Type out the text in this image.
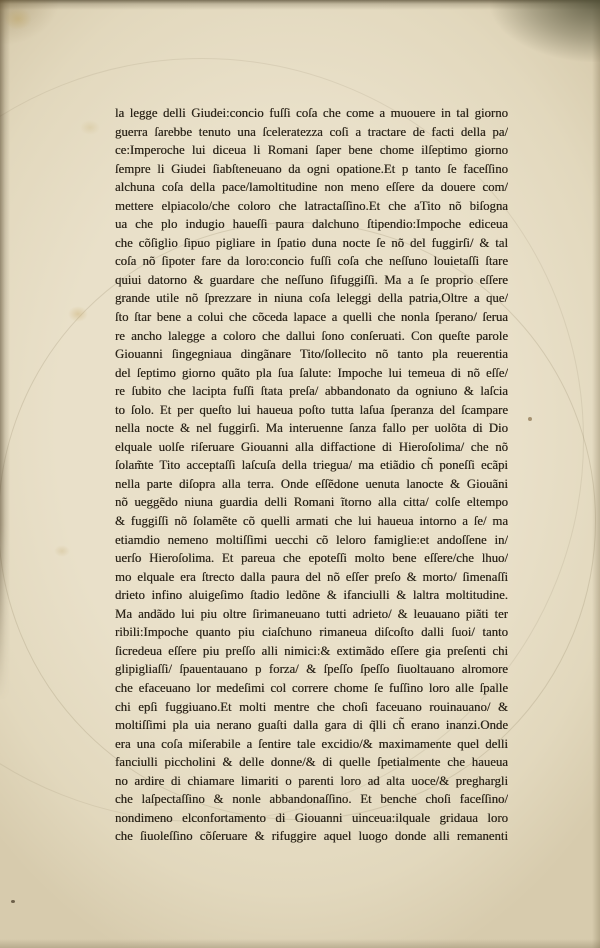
la legge delli Giudei:concio fuſſi coſa che come a muouere in tal giorno
guerra ſarebbe tenuto una ſceleratezza coſi a tractare de facti della pa/
ce:Imperoche lui diceua li Romani ſaper bene chome ilſeptimo giorno
ſempre li Giudei ſiabſteneuano da ogni opatione.Et p tanto ſe faceſſino
alchuna coſa della pace/lamoltitudine non meno eſſere da douere com/
mettere elpiacolo/che coloro che latractaſſino.Et che aTito nõ biſogna
ua che plo indugio haueſſi paura dalchuno ſtipendio:Impoche ediceua
che cõſiglio ſipuo pigliare in ſpatio duna nocte ſe nõ del fuggirſi/ & tal
coſa nõ ſipoter fare da loro:concio fuſſi coſa che neſſuno louietaſſi ſtare
quiui datorno & guardare che neſſuno ſifuggiſſi. Ma a ſe proprio eſſere
grande utile nõ ſprezzare in niuna coſa leleggi della patria,Oltre a que/
ſto ſtar bene a colui che cõceda lapace a quelli che nonla ſperano/ ſerua
re ancho lalegge a coloro che dallui ſono conſeruati. Con queſte parole
Giouanni ſingegniaua dingãnare Tito/ſollecito nõ tanto pla reuerentia
del ſeptimo giorno quãto pla ſua ſalute: Impoche lui temeua di nõ eſſe/
re ſubito che lacipta fuſſi ſtata preſa/ abbandonato da ogniuno & laſcia
to ſolo. Et per queſto lui haueua poſto tutta laſua ſperanza del ſcampare
nella nocte & nel fuggirſi. Ma interuenne ſanza fallo per uolõta di Dio
elquale uolſe riſeruare Giouanni alla diffactione di Hieroſolima/ che nõ
ſolam̃te Tito acceptaſſi laſcuſa della triegua/ ma etiãdio ch̃ poneſſi ecãpi
nella parte diſopra alla terra. Onde eſſẽdone uenuta lanocte & Giouãni
nõ ueggẽdo niuna guardia delli Romani ĩtorno alla citta/ colſe eltempo
& fuggiſſi nõ ſolamẽte cõ quelli armati che lui haueua intorno a ſe/ ma
etiamdio nemeno moltiſſimi uecchi cõ leloro famiglie:et andoſſene in/
uerſo Hieroſolima. Et pareua che epoteſſi molto bene eſſere/che lhuo/
mo elquale era ſtrecto dalla paura del nõ eſſer preſo & morto/ ſimenaſſi
drieto infino aluigeſimo ſtadio ledõne & ifanciulli & laltra moltitudine.
Ma andãdo lui piu oltre ſirimaneuano tutti adrieto/ & leuauano piãti ter
ribili:Impoche quanto piu ciaſchuno rimaneua diſcoſto dalli ſuoi/ tanto
ſicredeua eſſere piu preſſo alli nimici:& extimãdo eſſere gia preſenti chi
glipigliaſſi/ ſpauentauano p forza/ & ſpeſſo ſpeſſo ſiuoltauano alromore
che efaceuano lor medeſimi col correre chome ſe fuſſino loro alle ſpalle
chi epſi fuggiuano.Et molti mentre che choſi faceuano rouinauano/ &
moltiſſimi pla uia nerano guaſti dalla gara di q̃lli ch̃ erano inanzi.Onde
era una coſa miſerabile a ſentire tale excidio/& maximamente quel delli
fanciulli piccholini & delle donne/& di quelle ſpetialmente che haueua
no ardire di chiamare limariti o parenti loro ad alta uoce/& preghargli
che laſpectaſſino & nonle abbandonaſſino. Et benche choſi faceſſino/
nondimeno elconfortamento di Giouanni uinceua:ilquale gridaua loro
che ſiuoleſſino cõſeruare & rifuggire aquel luogo donde alli remanenti
